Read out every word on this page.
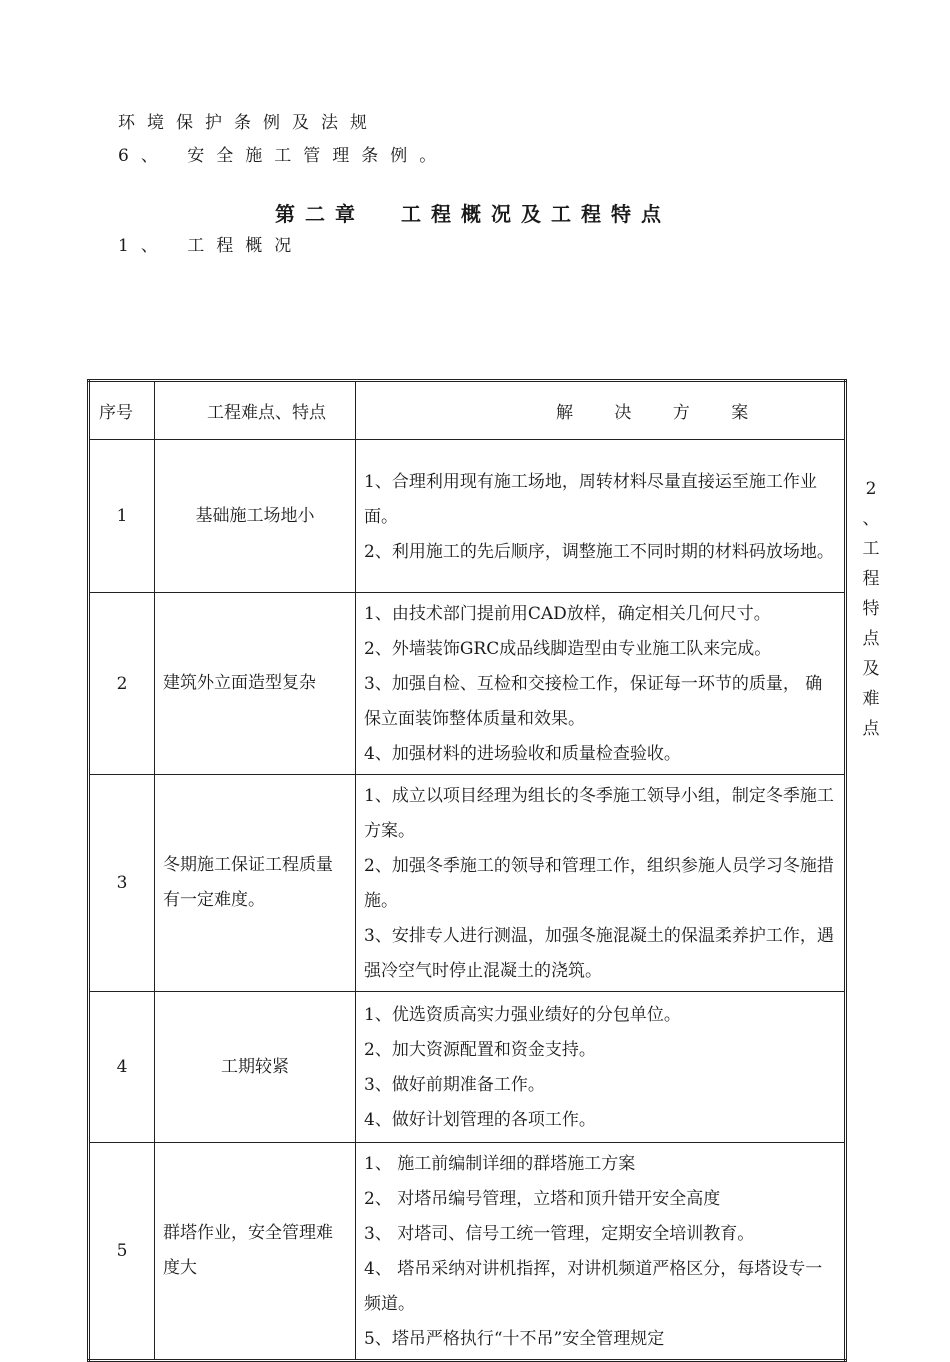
环境保护条例及法规
6、 安全施工管理条例。
第二章 工程概况及工程特点
1、 工程概况
序号	工程难点、特点	解 决 方 案
1	基础施工场地小	1、合理利用现有施工场地，周转材料尽量直接运至施工作业面。
2、利用施工的先后顺序，调整施工不同时期的材料码放场地。

2	建筑外立面造型复杂	1、由技术部门提前用CAD放样，确定相关几何尺寸。
2、外墙装饰GRC成品线脚造型由专业施工队来完成。
3、加强自检、互检和交接检工作，保证每一环节的质量， 确保立面装饰整体质量和效果。
4、加强材料的进场验收和质量检查验收。

3	冬期施工保证工程质量有一定难度。	1、成立以项目经理为组长的冬季施工领导小组，制定冬季施工方案。
2、加强冬季施工的领导和管理工作，组织参施人员学习冬施措施。
3、安排专人进行测温，加强冬施混凝土的保温柔养护工作，遇强冷空气时停止混凝土的浇筑。

4	工期较紧	1、优选资质高实力强业绩好的分包单位。
2、加大资源配置和资金支持。
3、做好前期准备工作。
4、做好计划管理的各项工作。

5	群塔作业，安全管理难度大	1、 施工前编制详细的群塔施工方案
2、 对塔吊编号管理，立塔和顶升错开安全高度
3、 对塔司、信号工统一管理，定期安全培训教育。
4、 塔吊采纳对讲机指挥，对讲机频道严格区分，每塔设专一频道。
5、塔吊严格执行“十不吊”安全管理规定
2
、
工
程
特
点
及
难
点
